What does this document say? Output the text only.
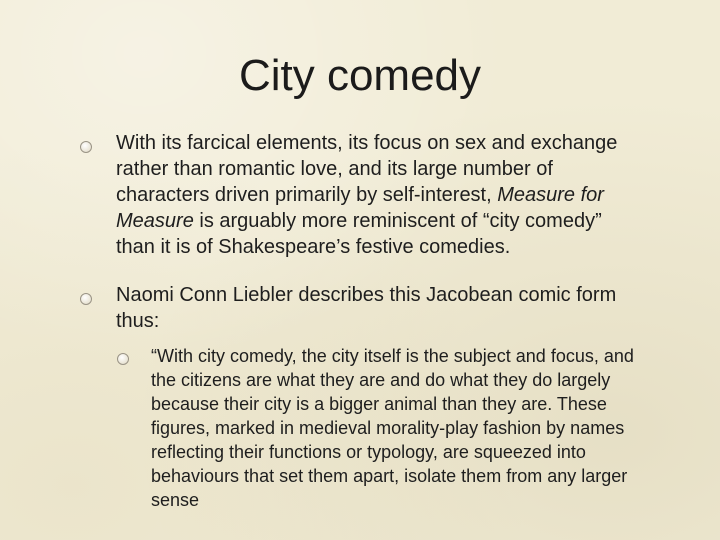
City comedy
With its farcical elements, its focus on sex and exchange rather than romantic love, and its large number of characters driven primarily by self-interest, Measure for Measure is arguably more reminiscent of “city comedy” than it is of Shakespeare’s festive comedies.
Naomi Conn Liebler describes this Jacobean comic form thus:
“With city comedy, the city itself is the subject and focus, and the citizens are what they are and do what they do largely because their city is a bigger animal than they are. These figures, marked in medieval morality-play fashion by names reflecting their functions or typology, are squeezed into behaviours that set them apart, isolate them from any larger sense
